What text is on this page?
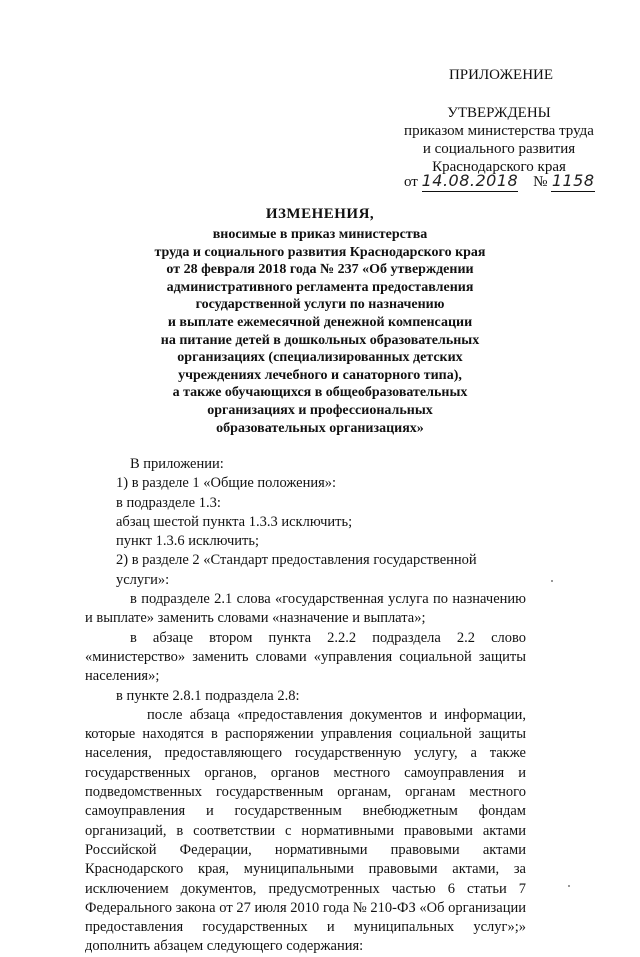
ПРИЛОЖЕНИЕ
УТВЕРЖДЕНЫ
приказом министерства труда
и социального развития
Краснодарского края
от 14.08.2018 № 1158
ИЗМЕНЕНИЯ,
вносимые в приказ министерства
труда и социального развития Краснодарского края
от 28 февраля 2018 года № 237 «Об утверждении
административного регламента предоставления
государственной услуги по назначению
и выплате ежемесячной денежной компенсации
на питание детей в дошкольных образовательных
организациях (специализированных детских
учреждениях лечебного и санаторного типа),
а также обучающихся в общеобразовательных
организациях и профессиональных
образовательных организациях»

В приложении:

1) в разделе 1 «Общие положения»:

в подразделе 1.3:

абзац шестой пункта 1.3.3 исключить;

пункт 1.3.6 исключить;

2) в разделе 2 «Стандарт предоставления государственной услуги»:

в подразделе 2.1 слова «государственная услуга по назначению и выплате» заменить словами «назначение и выплата»;

в абзаце втором пункта 2.2.2 подраздела 2.2 слово «министерство» заменить словами «управления социальной защиты населения»;

в пункте 2.8.1 подраздела 2.8:

после абзаца «предоставления документов и информации, которые находятся в распоряжении управления социальной защиты населения, предоставляющего государственную услугу, а также государственных органов, органов местного самоуправления и подведомственных государственным органам, органам местного самоуправления и государственным внебюджетным фондам организаций, в соответствии с нормативными правовыми актами Российской Федерации, нормативными правовыми актами Краснодарского края, муниципальными правовыми актами, за исключением документов, предусмотренных частью 6 статьи 7 Федерального закона от 27 июля 2010 года № 210-ФЗ «Об организации предоставления государственных и муниципальных услуг»;» дополнить абзацем следующего содержания:
